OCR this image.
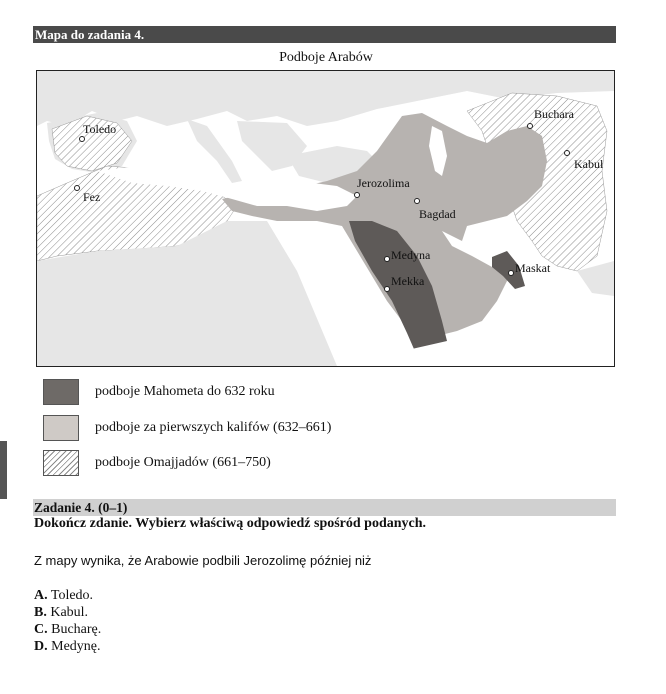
Mapa do zadania 4.
Podboje Arabów
Toledo
Fez
Jerozolima
Bagdad
Buchara
Kabul
Medyna
Mekka
Maskat
podboje Mahometa do 632 roku
podboje za pierwszych kalifów (632–661)
podboje Omajjadów (661–750)
Zadanie 4. (0–1)
Dokończ zdanie. Wybierz właściwą odpowiedź spośród podanych.
Z mapy wynika, że Arabowie podbili Jerozolimę później niż
A. Toledo.
B. Kabul.
C. Bucharę.
D. Medynę.
